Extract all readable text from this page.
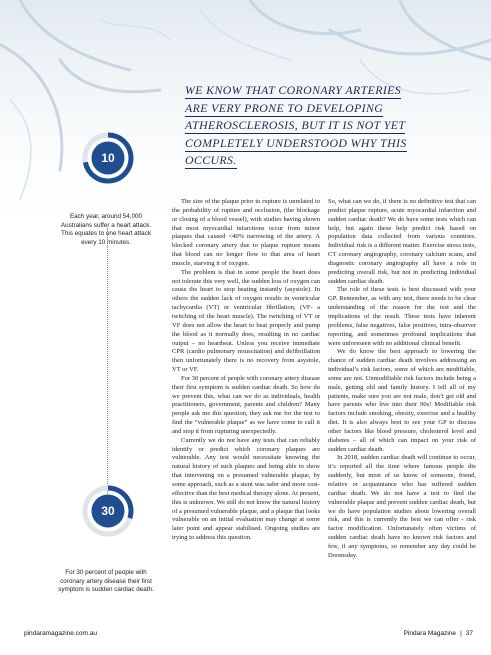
WE KNOW THAT CORONARY ARTERIES
ARE VERY PRONE TO DEVELOPING
ATHEROSCLEROSIS, BUT IT IS NOT YET
COMPLETELY UNDERSTOOD WHY THIS
OCCURS.
10

Each year, around 54,000 Australians suffer a heart attack. This equates to one heart attack every 10 minutes.

30

For 30 percent of people with coronary artery disease their first symptom is sudden cardiac death.

The size of the plaque prior to rupture is unrelated to the probability of rupture and occlusion, (the blockage or closing of a blood vessel), with studies having shown that most myocardial infarctions occur from minor plaques that caused <40% narrowing of the artery. A blocked coronary artery due to plaque rupture means that blood can no longer flow to that area of heart muscle, starving it of oxygen.

The problem is that in some people the heart does not tolerate this very well, the sudden loss of oxygen can cause the heart to stop beating instantly (asystole). In others the sudden lack of oxygen results in ventricular tachycardia (VT) or ventricular fibrillation, (VF- a twitching of the heart muscle). The twitching of VT or VF does not allow the heart to beat properly and pump the blood as it normally does, resulting in no cardiac output – no heartbeat. Unless you receive immediate CPR (cardio pulmonary resuscitation) and defibrillation then unfortunately there is no recovery from asystole, VT or VF.

For 30 percent of people with coronary artery disease their first symptom is sudden cardiac death. So how do we prevent this, what can we do as individuals, health practitioners, government, parents and children? Many people ask me this question, they ask me for the test to find the “vulnerable plaque” as we have come to call it and stop it from rupturing unexpectedly.

Currently we do not have any tests that can reliably identify or predict which coronary plaques are vulnerable. Any test would necessitate knowing the natural history of such plaques and being able to show that intervening on a presumed vulnerable plaque, by some approach, such as a stent was safer and more cost-effective than the best medical therapy alone. At present, this is unknown. We still do not know the natural history of a presumed vulnerable plaque, and a plaque that looks vulnerable on an initial evaluation may change at some later point and appear stabilised. Ongoing studies are trying to address this question.

So, what can we do, if there is no definitive test that can predict plaque rupture, acute myocardial infarction and sudden cardiac death? We do have some tests which can help, but again these help predict risk based on population data collected from various countries. Individual risk is a different matter. Exercise stress tests, CT coronary angiography, coronary calcium scans, and diagnostic coronary angiography all have a role in predicting overall risk, but not in predicting individual sudden cardiac death.

The role of these tests is best discussed with your GP. Remember, as with any test, there needs to be clear understanding of the reason for the test and the implications of the result. These tests have inherent problems, false negatives, false positives, intra-observer reporting, and sometimes profound implications that were unforeseen with no additional clinical benefit.

We do know the best approach to lowering the chance of sudden cardiac death involves addressing an individual’s risk factors, some of which are modifiable, some are not. Unmodifiable risk factors include being a male, getting old and family history. I tell all of my patients, make sure you are not male, don’t get old and have parents who live into their 90s! Modifiable risk factors include smoking, obesity, exercise and a healthy diet. It is also always best to see your GP to discuss other factors like blood pressure, cholesterol level and diabetes – all of which can impact on your risk of sudden cardiac death.

In 2018, sudden cardiac death will continue to occur, it’s reported all the time where famous people die suddenly, but most of us know of someone, friend, relative or acquaintance who has suffered sudden cardiac death. We do not have a test to find the vulnerable plaque and prevent sudden cardiac death, but we do have population studies about lowering overall risk, and this is currently the best we can offer - risk factor modification. Unfortunately often victims of sudden cardiac death have no known risk factors and few, if any symptoms, so remember any day could be Doomsday.

pindaramagazine.com.au	Pindara Magazine | 37
